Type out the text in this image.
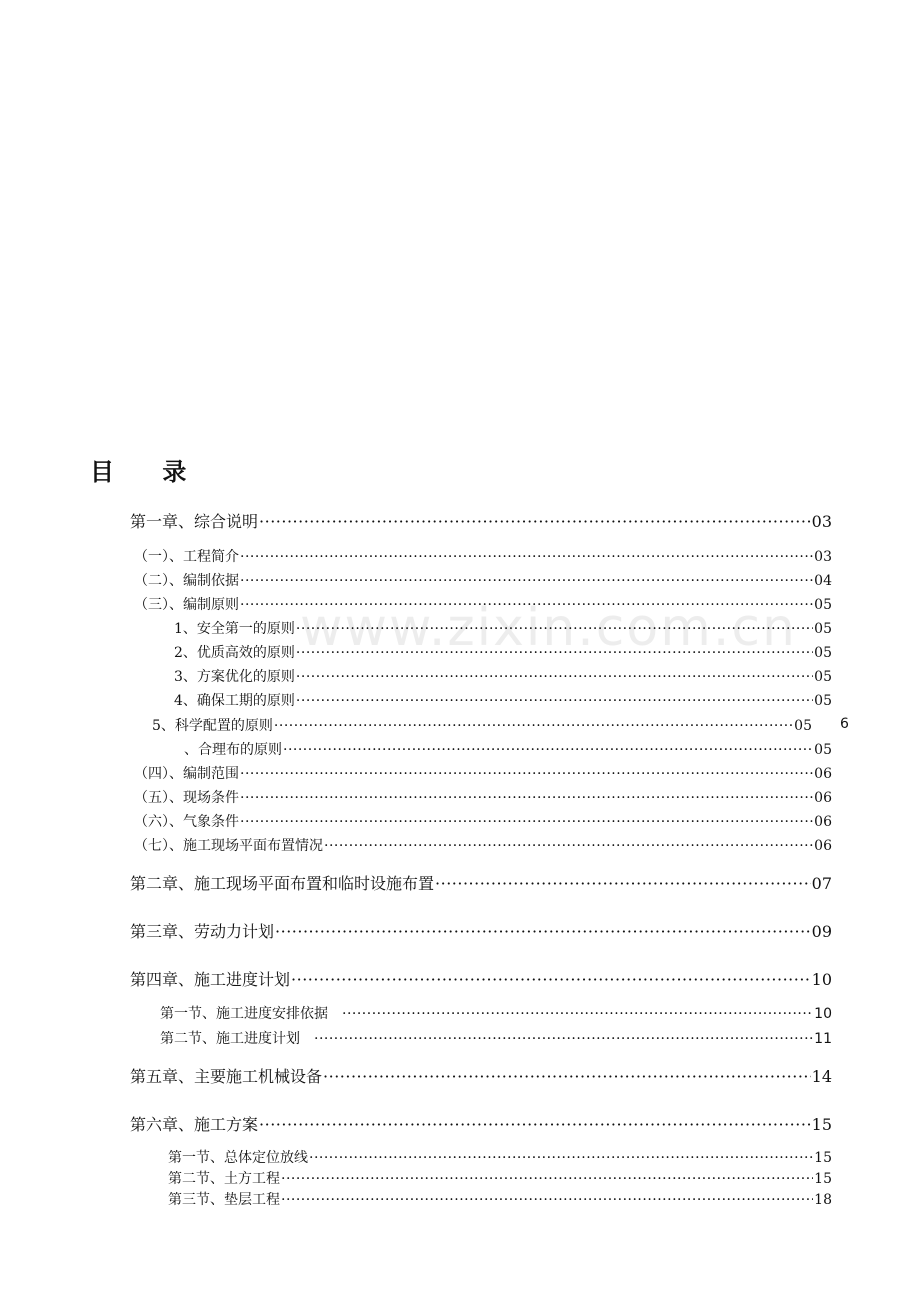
www.zixin.com.cn
目 录
第一章、综合说明 ·····	03
（一）、工程简介 ·····	03
（二）、编制依据 ·····	04
（三）、编制原则 ·····	05
1、安全第一的原则 ·····	05
2、优质高效的原则 ·····	05
3、方案优化的原则 ·····	05
4、确保工期的原则 ·····	05
5、科学配置的原则 ·····	05 6
、合理布的原则 ·····	05
（四）、编制范围 ·····	06
（五）、现场条件 ·····	06
（六）、气象条件 ·····	06
（七）、施工现场平面布置情况 ·····	06
第二章、施工现场平面布置和临时设施布置 ·····	07
第三章、劳动力计划 ·····	09
第四章、施工进度计划 ·····	10
第一节、施工进度安排依据 ·····	10
第二节、施工进度计划 ·····	11
第五章、主要施工机械设备 ·····	14
第六章、施工方案 ·····	15
第一节、总体定位放线 ·····	15
第二节、土方工程 ·····	15
第三节、垫层工程 ·····	18
